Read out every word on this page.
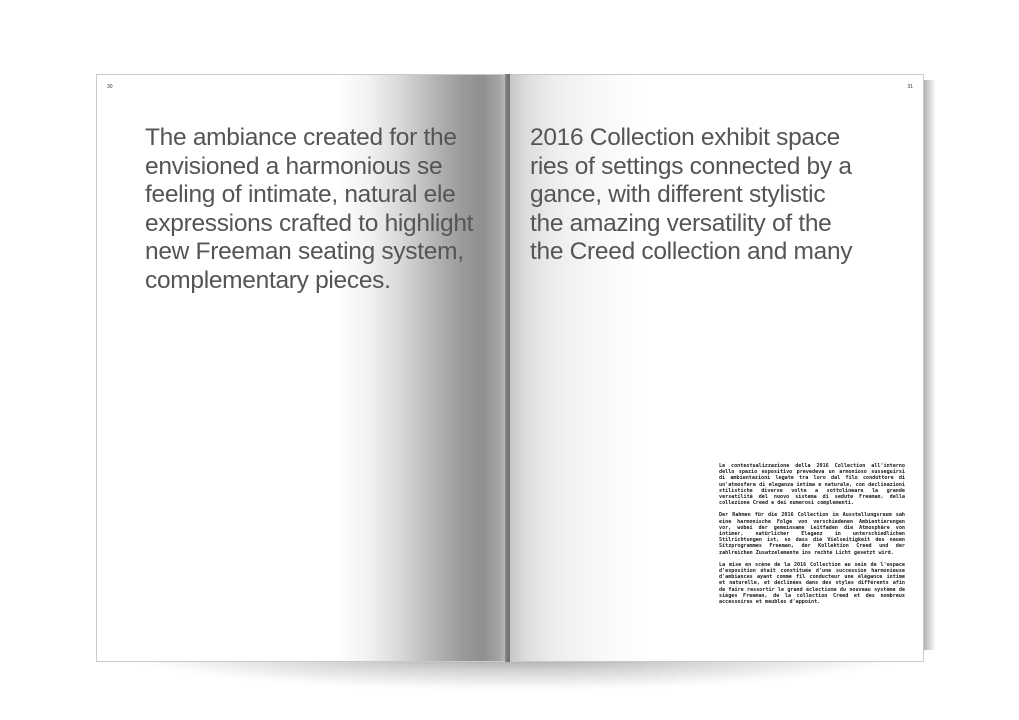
30
The ambiance created for the
envisioned a harmonious se
feeling of intimate, natural ele
expressions crafted to highlight
new Freeman seating system,
complementary pieces.
31
2016 Collection exhibit space
ries of settings connected by a
gance, with different stylistic
the amazing versatility of the
the Creed collection and many

Le contestualizzazione della 2016 Collection all'interno dello spazio espositivo prevedeva un armonioso susseguirsi di ambientazioni legate tra loro dal filo conduttore di un'atmosfera di eleganza intima e naturale, con declinazioni stilistiche diverse volte a sottolineare la grande versatilità del nuovo sistema di sedute Freeman, della collezione Creed e dei numerosi complementi.

Der Rahmen für die 2016 Collection im Ausstellungsraum sah eine harmonische Folge von verschiedenen Ambientierungen vor, wobei der gemeinsame Leitfaden die Atmosphäre von intimer, natürlicher Eleganz in unterschiedlichen Stilrichtungen ist, so dass die Vielseitigkeit des neuen Sitzprogrammes Freeman, der Kollektion Creed und der zahlreichen Zusatzelemente ins rechte Licht gesetzt wird.

La mise en scène de la 2016 Collection au sein de l'espace d'exposition était constituée d'une succession harmonieuse d'ambiances ayant comme fil conducteur une élégance intime et naturelle, et déclinées dans des styles différents afin de faire ressortir le grand éclectisme du nouveau système de sièges Freeman, de la collection Creed et des nombreux accessoires et meubles d'appoint.
